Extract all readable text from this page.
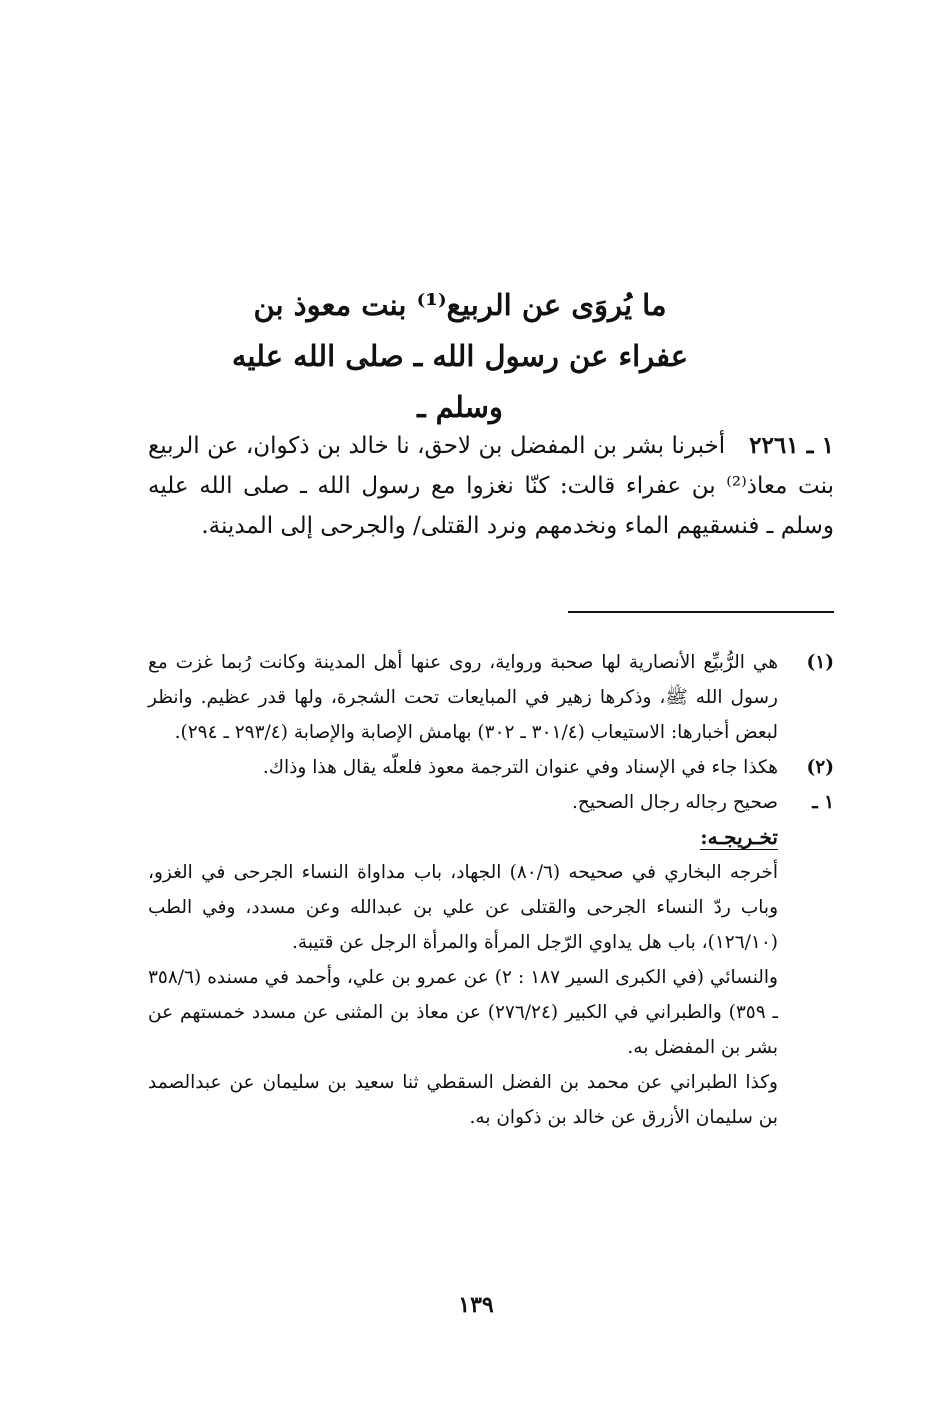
ما يُروَى عن الربيع⁽¹⁾ بنت معوذ بن
عفراء عن رسول الله ـ صلى الله عليه
وسلم ـ

١ ـ ٢٢٦١أخبرنا بشر بن المفضل بن لاحق، نا خالد بن ذكوان، عن الربيع بنت معاذ⁽²⁾ بن عفراء قالت: كنّا نغزوا مع رسول الله ـ صلى الله عليه وسلم ـ فنسقيهم الماء ونخدمهم ونرد القتلى/ والجرحى إلى المدينة.

(١)
هي الرُّبيِّع الأنصارية لها صحبة ورواية، روى عنها أهل المدينة وكانت رُبما غزت مع رسول الله ﷺ، وذكرها زهير في المبايعات تحت الشجرة، ولها قدر عظيم. وانظر لبعض أخبارها: الاستيعاب (٣٠١/٤ ـ ٣٠٢) بهامش الإصابة والإصابة (٢٩٣/٤ ـ ٢٩٤).
(٢)
هكذا جاء في الإسناد وفي عنوان الترجمة معوذ فلعلّه يقال هذا وذاك.
١ ـ
صحيح رجاله رجال الصحيح.
تخـريجـه:
أخرجه البخاري في صحيحه (٨٠/٦) الجهاد، باب مداواة النساء الجرحى في الغزو، وباب ردّ النساء الجرحى والقتلى عن علي بن عبدالله وعن مسدد، وفي الطب (١٢٦/١٠)، باب هل يداوي الرّجل المرأة والمرأة الرجل عن قتيبة.
والنسائي (في الكبرى السير ١٨٧ : ٢) عن عمرو بن علي، وأحمد في مسنده (٣٥٨/٦ ـ ٣٥٩) والطبراني في الكبير (٢٧٦/٢٤) عن معاذ بن المثنى عن مسدد خمستهم عن بشر بن المفضل به.
وكذا الطبراني عن محمد بن الفضل السقطي ثنا سعيد بن سليمان عن عبدالصمد بن سليمان الأزرق عن خالد بن ذكوان به.
١٣٩
